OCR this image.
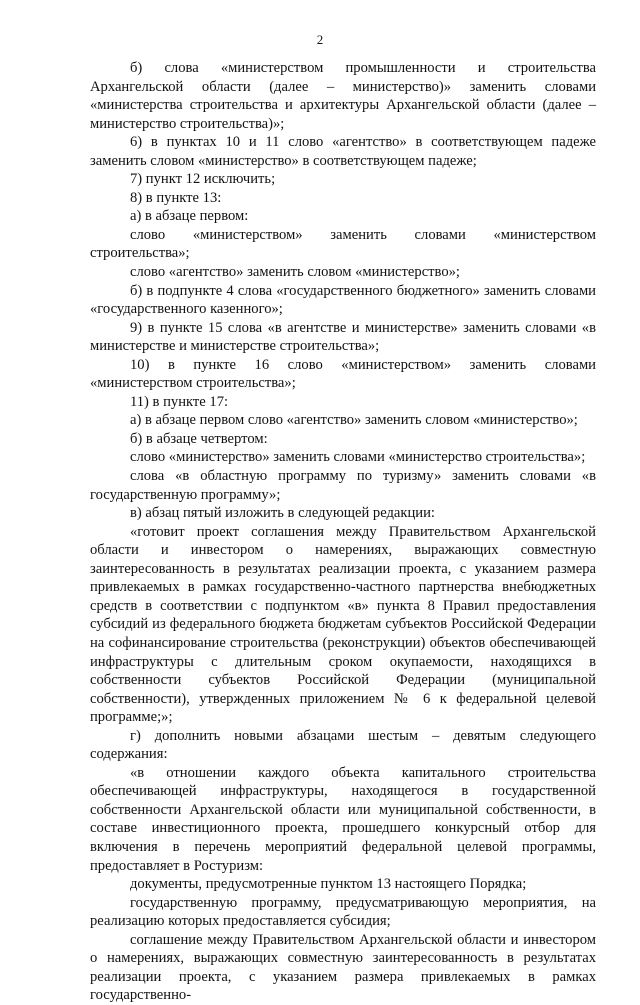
2

б) слова «министерством промышленности и строительства Архангельской области (далее – министерство)» заменить словами «министерства строительства и архитектуры Архангельской области (далее – министерство строительства)»;

6) в пунктах 10 и 11 слово «агентство» в соответствующем падеже заменить словом «министерство» в соответствующем падеже;

7) пункт 12 исключить;

8) в пункте 13:

а) в абзаце первом:

слово «министерством» заменить словами «министерством строительства»;

слово «агентство» заменить словом «министерство»;

б) в подпункте 4 слова «государственного бюджетного» заменить словами «государственного казенного»;

9) в пункте 15 слова «в агентстве и министерстве» заменить словами «в министерстве и министерстве строительства»;

10) в пункте 16 слово «министерством» заменить словами «министерством строительства»;

11) в пункте 17:

а) в абзаце первом слово «агентство» заменить словом «министерство»;

б) в абзаце четвертом:

слово «министерство» заменить словами «министерство строительства»;

слова «в областную программу по туризму» заменить словами «в государственную программу»;

в) абзац пятый изложить в следующей редакции:

«готовит проект соглашения между Правительством Архангельской области и инвестором о намерениях, выражающих совместную заинтересованность в результатах реализации проекта, с указанием размера привлекаемых в рамках государственно-частного партнерства внебюджетных средств в соответствии с подпунктом «в» пункта 8 Правил предоставления субсидий из федерального бюджета бюджетам субъектов Российской Федерации на софинансирование строительства (реконструкции) объектов обеспечивающей инфраструктуры с длительным сроком окупаемости, находящихся в собственности субъектов Российской Федерации (муниципальной собственности), утвержденных приложением № 6 к федеральной целевой программе;»;

г) дополнить новыми абзацами шестым – девятым следующего содержания:

«в отношении каждого объекта капитального строительства обеспечивающей инфраструктуры, находящегося в государственной собственности Архангельской области или муниципальной собственности, в составе инвестиционного проекта, прошедшего конкурсный отбор для включения в перечень мероприятий федеральной целевой программы, предоставляет в Ростуризм:

документы, предусмотренные пунктом 13 настоящего Порядка;

государственную программу, предусматривающую мероприятия, на реализацию которых предоставляется субсидия;

соглашение между Правительством Архангельской области и инвестором о намерениях, выражающих совместную заинтересованность в результатах реализации проекта, с указанием размера привлекаемых в рамках государственно-
